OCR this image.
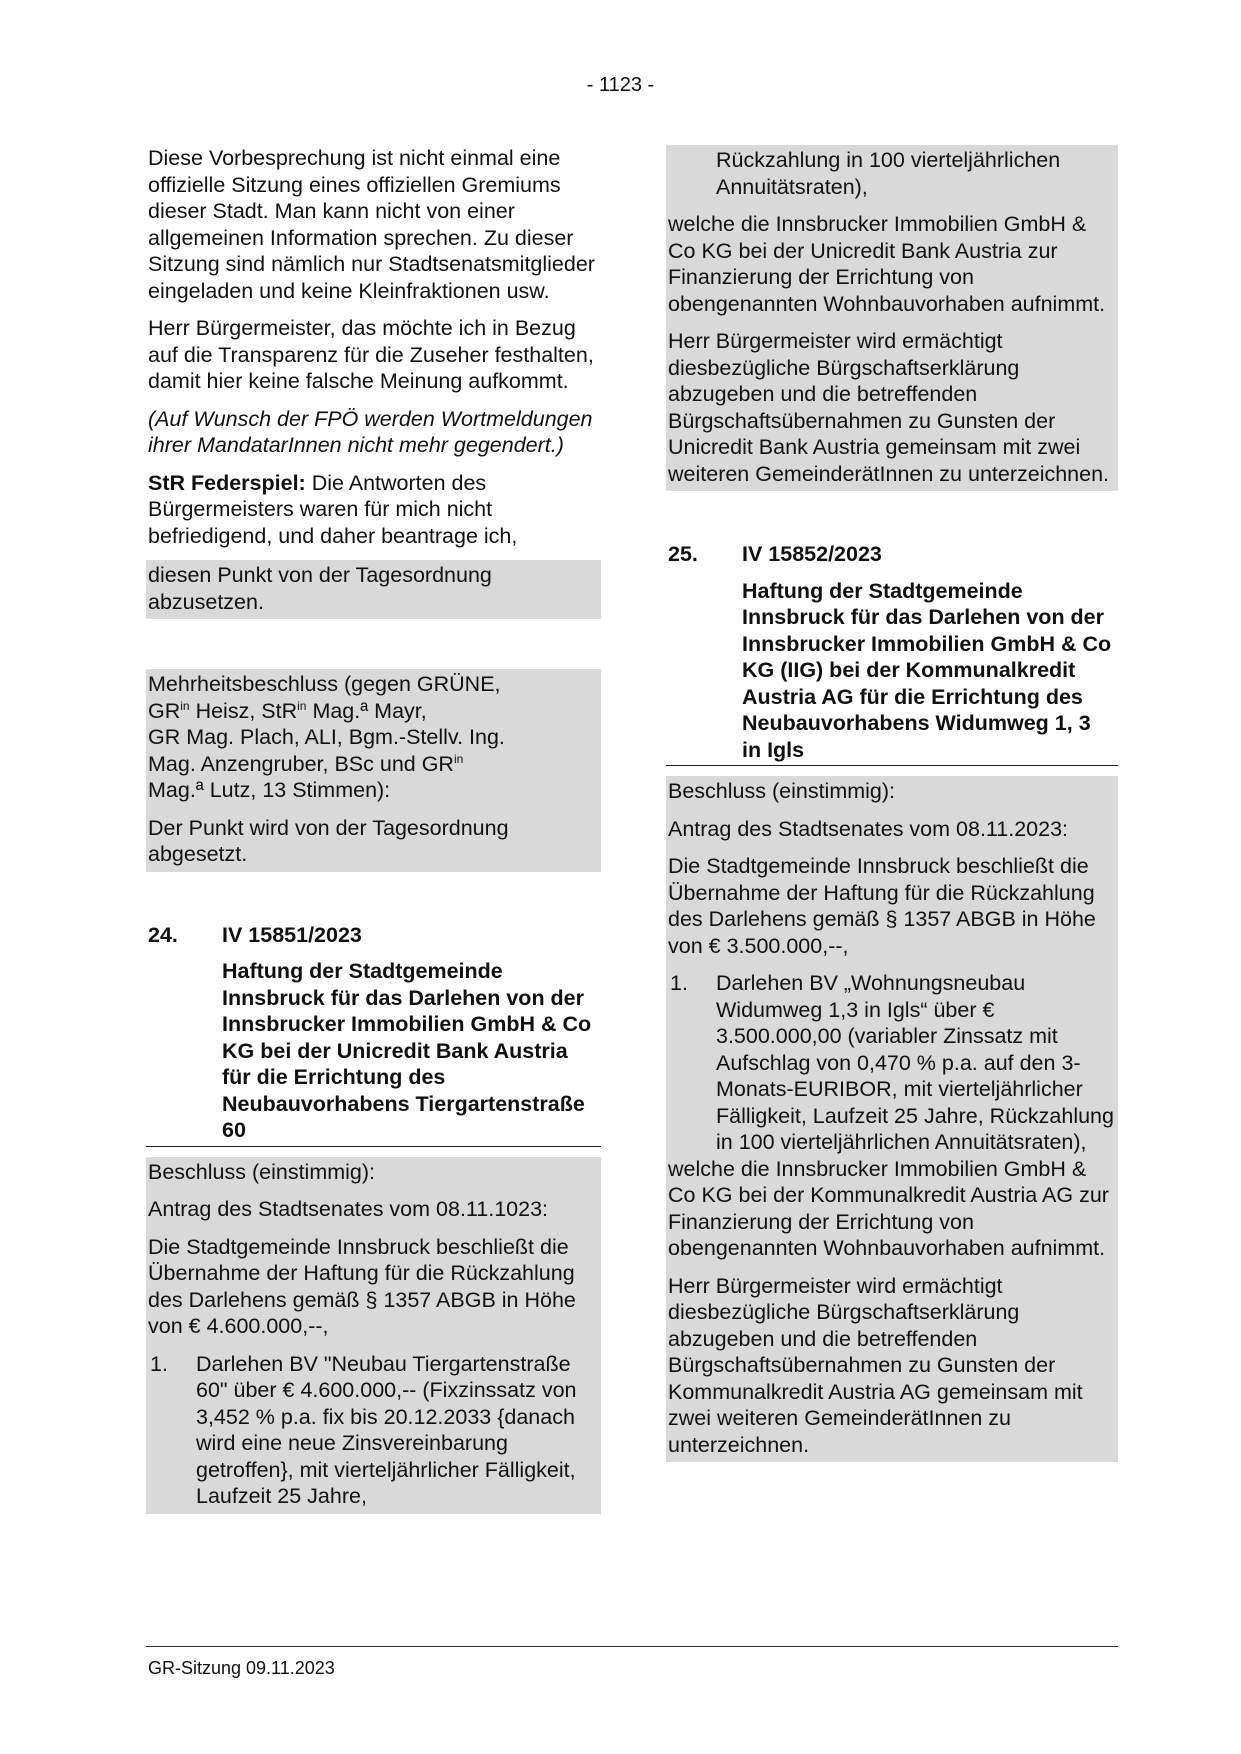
- 1123 -

Diese Vorbesprechung ist nicht einmal eine offizielle Sitzung eines offiziellen Gremiums dieser Stadt. Man kann nicht von einer allgemeinen Information sprechen. Zu dieser Sitzung sind nämlich nur Stadtsenatsmitglieder eingeladen und keine Kleinfraktionen usw.

Herr Bürgermeister, das möchte ich in Bezug auf die Transparenz für die Zuseher festhalten, damit hier keine falsche Meinung aufkommt.

(Auf Wunsch der FPÖ werden Wortmeldungen ihrer MandatarInnen nicht mehr gegendert.)

StR Federspiel: Die Antworten des Bürgermeisters waren für mich nicht befriedigend, und daher beantrage ich,

diesen Punkt von der Tagesordnung abzusetzen.

Mehrheitsbeschluss (gegen GRÜNE,
$GR^{in}$ Heisz, StR$^{in}$ Mag.ª Mayr,
GR Mag. Plach, ALI, Bgm.-Stellv. Ing.
Mag. Anzengruber, BSc und $GR^{in}$
Mag.ª Lutz, 13 Stimmen):

Der Punkt wird von der Tagesordnung abgesetzt.

24.	IV 15851/2023
Haftung der Stadtgemeinde Innsbruck für das Darlehen von der Innsbrucker Immobilien GmbH & Co KG bei der Unicredit Bank Austria für die Errichtung des Neubauvorhabens Tiergartenstraße 60

Beschluss (einstimmig):

Antrag des Stadtsenates vom 08.11.1023:

Die Stadtgemeinde Innsbruck beschließt die Übernahme der Haftung für die Rückzahlung des Darlehens gemäß § 1357 ABGB in Höhe von € 4.600.000,--,

1.	Darlehen BV "Neubau Tiergartenstraße 60" über € 4.600.000,-- (Fixzinssatz von 3,452 % p.a. fix bis 20.12.2033 {danach wird eine neue Zinsvereinbarung getroffen}, mit vierteljährlicher Fälligkeit, Laufzeit 25 Jahre,

Rückzahlung in 100 vierteljährlichen Annuitätsraten),

welche die Innsbrucker Immobilien GmbH & Co KG bei der Unicredit Bank Austria zur Finanzierung der Errichtung von obengenannten Wohnbauvorhaben aufnimmt.

Herr Bürgermeister wird ermächtigt diesbezügliche Bürgschaftserklärung abzugeben und die betreffenden Bürgschaftsübernahmen zu Gunsten der Unicredit Bank Austria gemeinsam mit zwei weiteren GemeinderätInnen zu unterzeichnen.

25.	IV 15852/2023
Haftung der Stadtgemeinde Innsbruck für das Darlehen von der Innsbrucker Immobilien GmbH & Co KG (IIG) bei der Kommunalkredit Austria AG für die Errichtung des Neubauvorhabens Widumweg 1, 3 in Igls

Beschluss (einstimmig):

Antrag des Stadtsenates vom 08.11.2023:

Die Stadtgemeinde Innsbruck beschließt die Übernahme der Haftung für die Rückzahlung des Darlehens gemäß § 1357 ABGB in Höhe von € 3.500.000,--,

1.	Darlehen BV „Wohnungsneubau Widumweg 1,3 in Igls“ über € 3.500.000,00 (variabler Zinssatz mit Aufschlag von 0,470 % p.a. auf den 3-Monats-EURIBOR, mit vierteljährlicher Fälligkeit, Laufzeit 25 Jahre, Rückzahlung in 100 vierteljährlichen Annuitätsraten),

welche die Innsbrucker Immobilien GmbH & Co KG bei der Kommunalkredit Austria AG zur Finanzierung der Errichtung von obengenannten Wohnbauvorhaben aufnimmt.

Herr Bürgermeister wird ermächtigt diesbezügliche Bürgschaftserklärung abzugeben und die betreffenden Bürgschaftsübernahmen zu Gunsten der Kommunalkredit Austria AG gemeinsam mit zwei weiteren GemeinderätInnen zu unterzeichnen.

GR-Sitzung 09.11.2023
